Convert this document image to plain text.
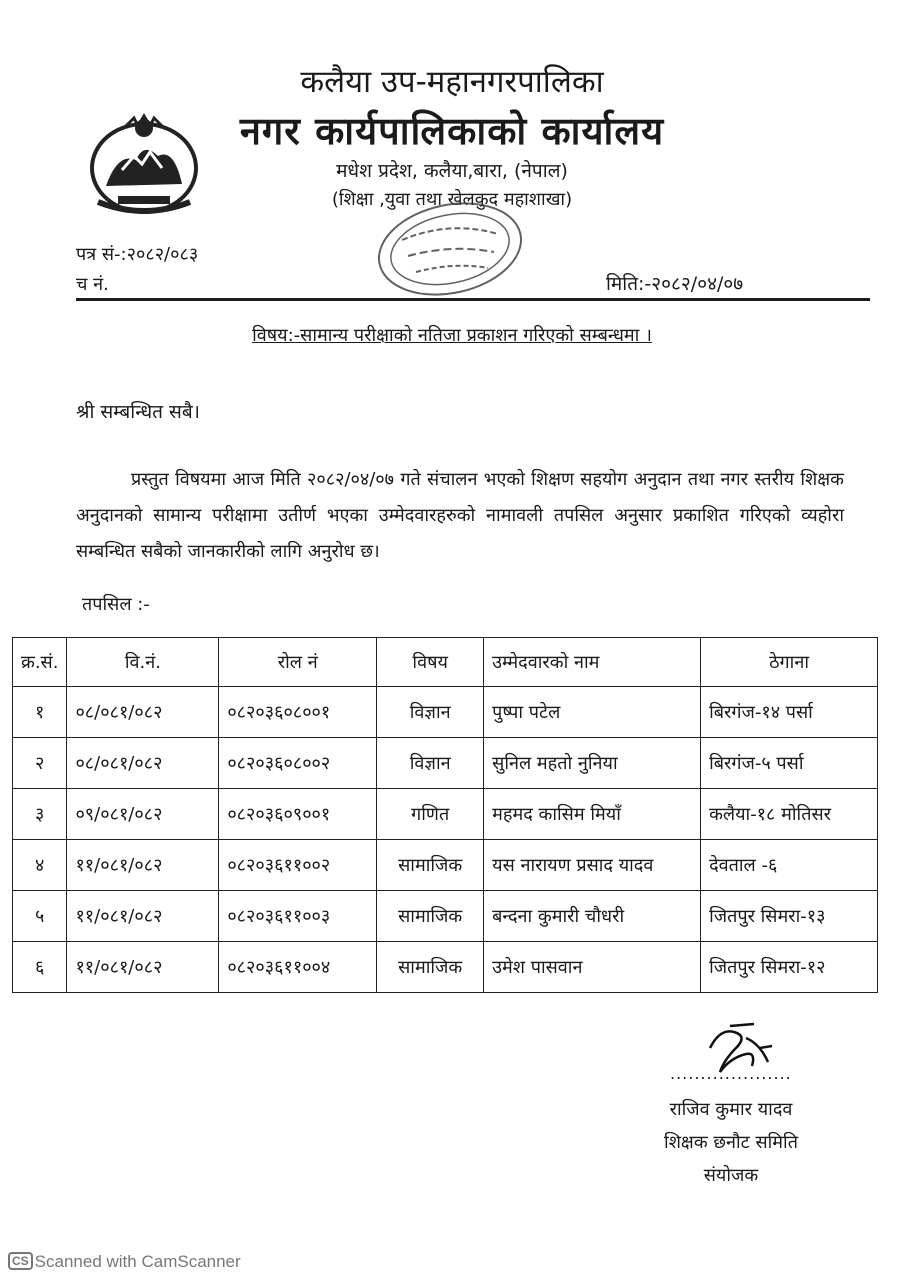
कलैया उप-महानगरपालिका
नगर कार्यपालिकाको कार्यालय
मधेश प्रदेश, कलैया,बारा, (नेपाल)
(शिक्षा ,युवा तथा खेलकुद महाशाखा)
पत्र सं-:२०८२/०८३
च नं.	मिति:-२०८२/०४/०७
विषय:-सामान्य परीक्षाको नतिजा प्रकाशन गरिएको सम्बन्धमा ।
श्री सम्बन्धित सबै।
प्रस्तुत विषयमा आज मिति २०८२/०४/०७ गते संचालन भएको शिक्षण सहयोग अनुदान तथा नगर स्तरीय शिक्षक अनुदानको सामान्य परीक्षामा उतीर्ण भएका उम्मेदवारहरुको नामावली तपसिल अनुसार प्रकाशित गरिएको व्यहोरा सम्बन्धित सबैको जानकारीको लागि अनुरोध छ।
तपसिल :-
क्र.सं.	वि.नं.	रोल नं	विषय	उम्मेदवारको नाम	ठेगाना
१	०८/०८१/०८२	०८२०३६०८००१	विज्ञान	पुष्पा पटेल	बिरगंज-१४ पर्सा
२	०८/०८१/०८२	०८२०३६०८००२	विज्ञान	सुनिल महतो नुनिया	बिरगंज-५ पर्सा
३	०९/०८१/०८२	०८२०३६०९००१	गणित	महमद कासिम मियाँ	कलैया-१८ मोतिसर
४	११/०८१/०८२	०८२०३६११००२	सामाजिक	यस नारायण प्रसाद यादव	देवताल -६
५	११/०८१/०८२	०८२०३६११००३	सामाजिक	बन्दना कुमारी चौधरी	जितपुर सिमरा-१३
६	११/०८१/०८२	०८२०३६११००४	सामाजिक	उमेश पासवान	जितपुर सिमरा-१२
....................
राजिव कुमार यादव
शिक्षक छनौट समिति
संयोजक
CS Scanned with CamScanner
